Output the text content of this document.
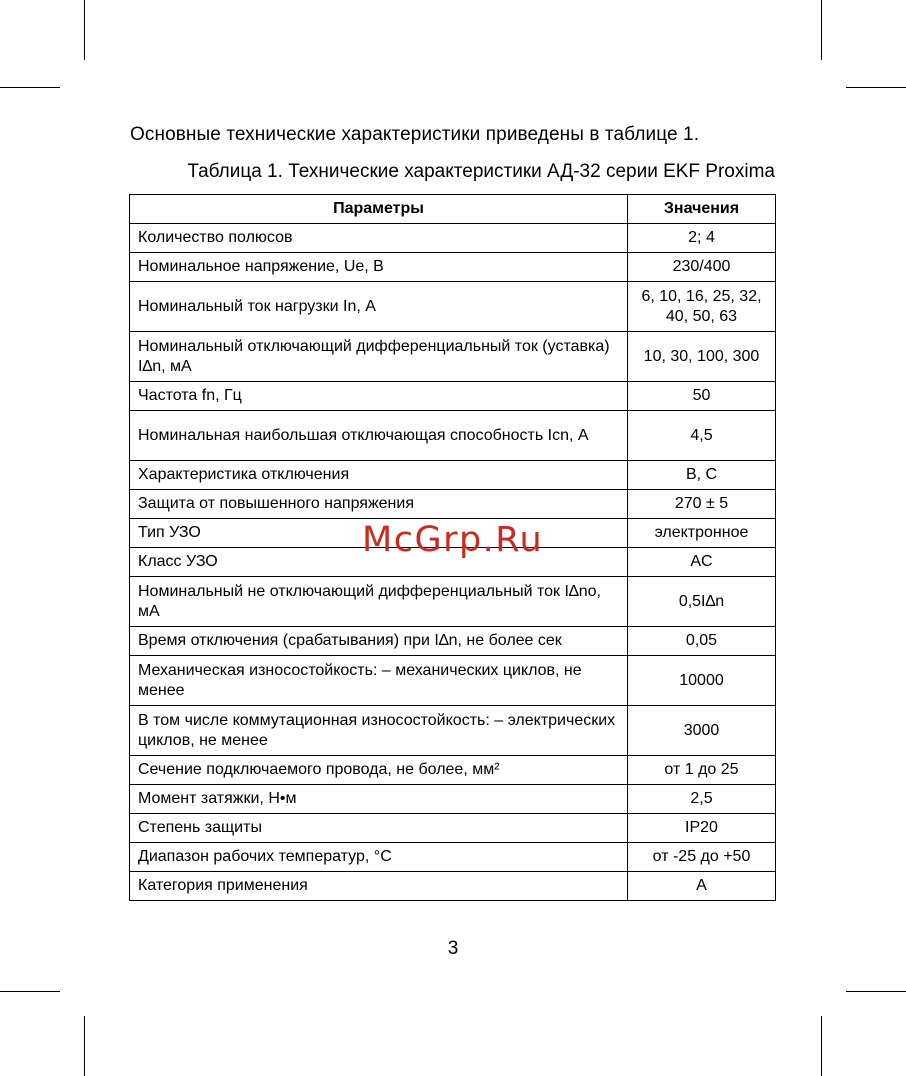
Основные технические характеристики приведены в таблице 1.
Таблица 1. Технические характеристики АД-32 серии EKF Proxima
Параметры	Значения
Количество полюсов	2; 4
Номинальное напряжение, Ue, В	230/400
Номинальный ток нагрузки In, А	6, 10, 16, 25, 32, 40, 50, 63
Номинальный отключающий дифференциальный ток (уставка) I∆n, мА	10, 30, 100, 300
Частота fn, Гц	50
Номинальная наибольшая отключающая способность Icn, А	4,5
Характеристика отключения	B, C
Защита от повышенного напряжения	270 ± 5
Тип УЗО	электронное
Класс УЗО	AC
Номинальный не отключающий дифференциальный ток I∆no, мА	0,5I∆n
Время отключения (срабатывания) при I∆n, не более сек	0,05
Механическая износостойкость: – механических циклов, не менее	10000
В том числе коммутационная износостойкость: – электрических циклов, не менее	3000
Сечение подключаемого провода, не более, мм²	от 1 до 25
Момент затяжки, Н•м	2,5
Степень защиты	IP20
Диапазон рабочих температур, °С	от -25 до +50
Категория применения	А
McGrp.Ru
3
